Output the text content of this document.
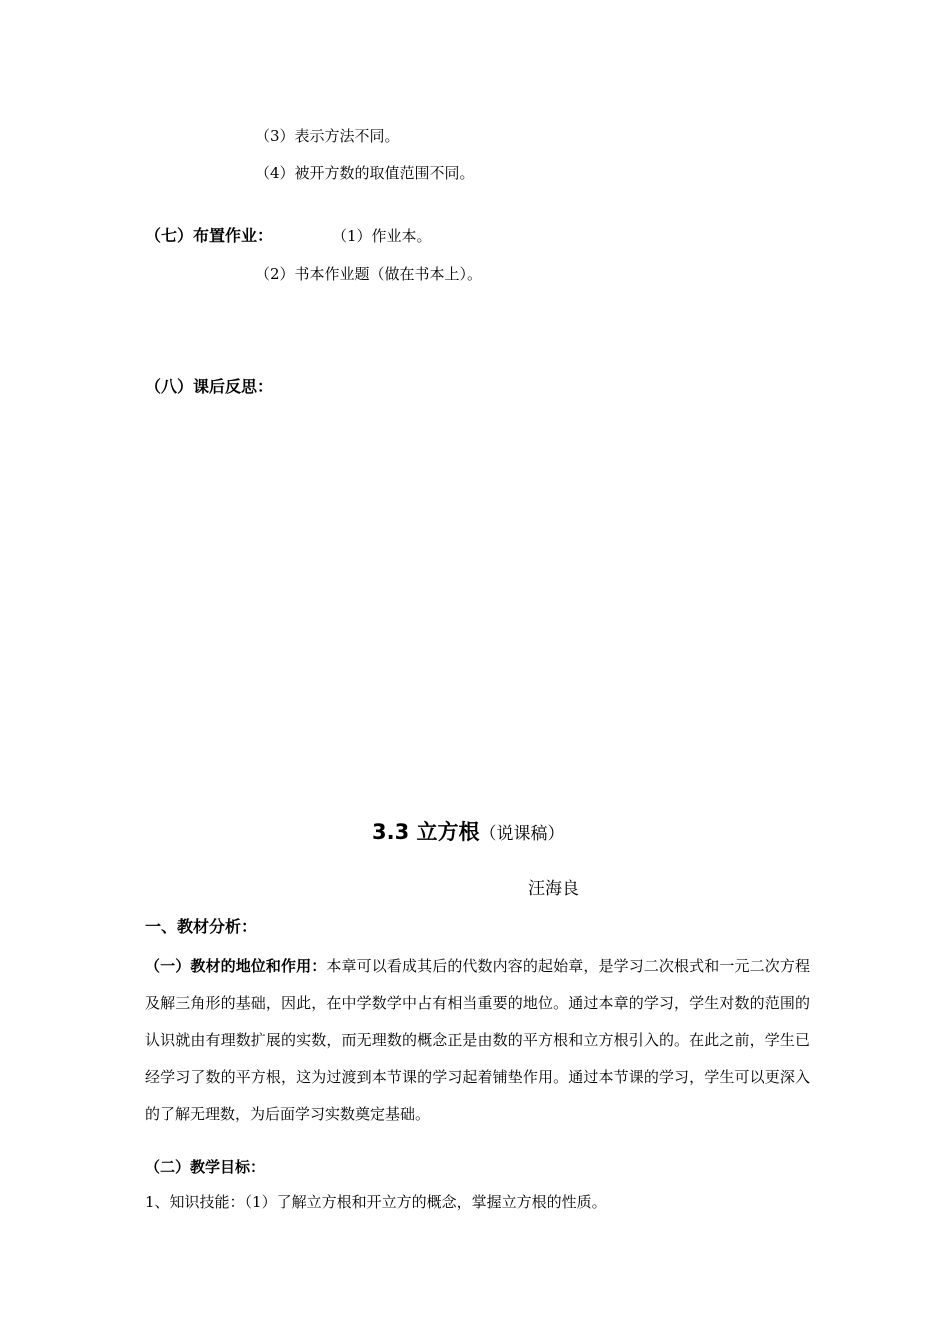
（3）表示方法不同。
（4）被开方数的取值范围不同。
（七）布置作业：	（1）作业本。
（2）书本作业题（做在书本上）。
（八）课后反思：
3.3 立方根（说课稿）
汪海良
一、教材分析：
（一）教材的地位和作用：本章可以看成其后的代数内容的起始章，是学习二次根式和一元二次方程及解三角形的基础，因此，在中学数学中占有相当重要的地位。通过本章的学习，学生对数的范围的认识就由有理数扩展的实数，而无理数的概念正是由数的平方根和立方根引入的。在此之前，学生已经学习了数的平方根，这为过渡到本节课的学习起着铺垫作用。通过本节课的学习，学生可以更深入的了解无理数，为后面学习实数奠定基础。
（二）教学目标：
1、知识技能：（1）了解立方根和开立方的概念，掌握立方根的性质。
